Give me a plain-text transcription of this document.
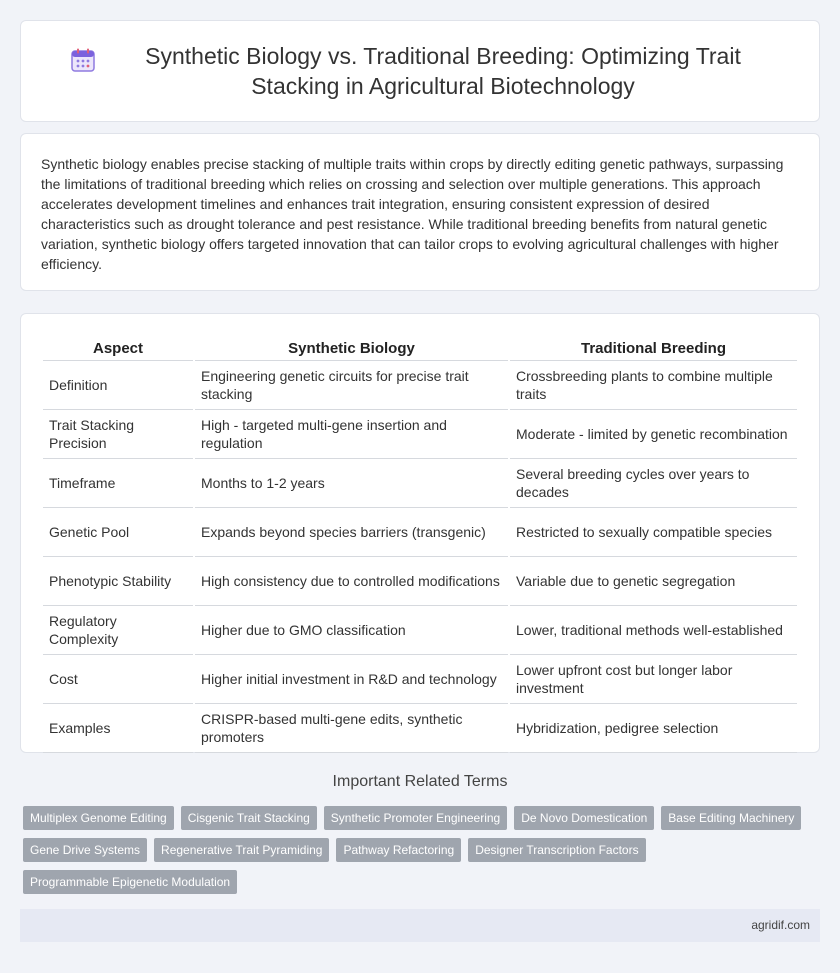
Synthetic Biology vs. Traditional Breeding: Optimizing Trait Stacking in Agricultural Biotechnology

Synthetic biology enables precise stacking of multiple traits within crops by directly editing genetic pathways, surpassing the limitations of traditional breeding which relies on crossing and selection over multiple generations. This approach accelerates development timelines and enhances trait integration, ensuring consistent expression of desired characteristics such as drought tolerance and pest resistance. While traditional breeding benefits from natural genetic variation, synthetic biology offers targeted innovation that can tailor crops to evolving agricultural challenges with higher efficiency.

Aspect	Synthetic Biology	Traditional Breeding
Definition	Engineering genetic circuits for precise trait stacking	Crossbreeding plants to combine multiple traits
Trait Stacking Precision	High - targeted multi-gene insertion and regulation	Moderate - limited by genetic recombination
Timeframe	Months to 1-2 years	Several breeding cycles over years to decades
Genetic Pool	Expands beyond species barriers (transgenic)	Restricted to sexually compatible species
Phenotypic Stability	High consistency due to controlled modifications	Variable due to genetic segregation
Regulatory Complexity	Higher due to GMO classification	Lower, traditional methods well-established
Cost	Higher initial investment in R&D and technology	Lower upfront cost but longer labor investment
Examples	CRISPR-based multi-gene edits, synthetic promoters	Hybridization, pedigree selection
Important Related Terms
Multiplex Genome Editing	Cisgenic Trait Stacking	Synthetic Promoter Engineering	De Novo Domestication	Base Editing Machinery
Gene Drive Systems	Regenerative Trait Pyramiding	Pathway Refactoring	Designer Transcription Factors
Programmable Epigenetic Modulation
agridif.com
